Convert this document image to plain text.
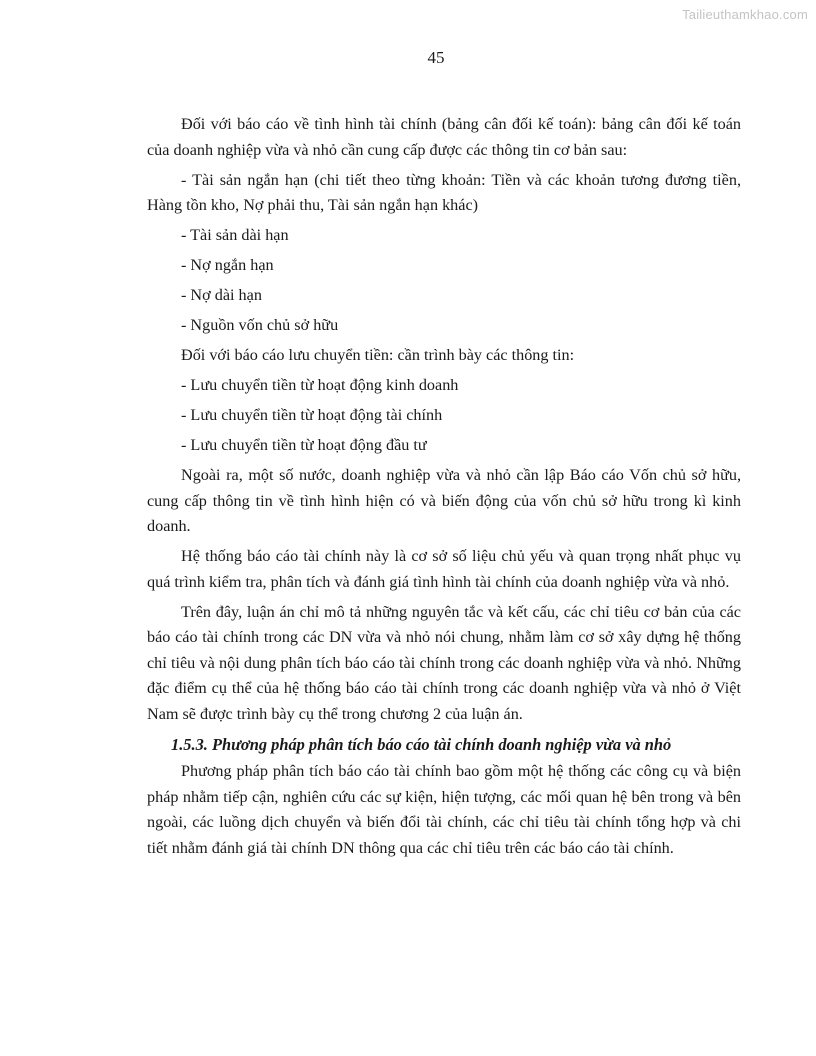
Tailieuthamkhao.com
45

Đối với báo cáo về tình hình tài chính (bảng cân đối kế toán): bảng cân đối kế toán của doanh nghiệp vừa và nhỏ cần cung cấp được các thông tin cơ bản sau:

- Tài sản ngắn hạn (chi tiết theo từng khoản: Tiền và các khoản tương đương tiền, Hàng tồn kho, Nợ phải thu, Tài sản ngắn hạn khác)

- Tài sản dài hạn

- Nợ ngắn hạn

- Nợ dài hạn

- Nguồn vốn chủ sở hữu

Đối với báo cáo lưu chuyển tiền: cần trình bày các thông tin:

- Lưu chuyển tiền từ hoạt động kinh doanh

- Lưu chuyển tiền từ hoạt động tài chính

- Lưu chuyển tiền từ hoạt động đầu tư

Ngoài ra, một số nước, doanh nghiệp vừa và nhỏ cần lập Báo cáo Vốn chủ sở hữu, cung cấp thông tin về tình hình hiện có và biến động của vốn chủ sở hữu trong kì kinh doanh.

Hệ thống báo cáo tài chính này là cơ sở số liệu chủ yếu và quan trọng nhất phục vụ quá trình kiểm tra, phân tích và đánh giá tình hình tài chính của doanh nghiệp vừa và nhỏ.

Trên đây, luận án chỉ mô tả những nguyên tắc và kết cấu, các chỉ tiêu cơ bản của các báo cáo tài chính trong các DN vừa và nhỏ nói chung, nhằm làm cơ sở xây dựng hệ thống chỉ tiêu và nội dung phân tích báo cáo tài chính trong các doanh nghiệp vừa và nhỏ. Những đặc điểm cụ thể của hệ thống báo cáo tài chính trong các doanh nghiệp vừa và nhỏ ở Việt Nam sẽ được trình bày cụ thể trong chương 2 của luận án.

1.5.3. Phương pháp phân tích báo cáo tài chính doanh nghiệp vừa và nhỏ

Phương pháp phân tích báo cáo tài chính bao gồm một hệ thống các công cụ và biện pháp nhằm tiếp cận, nghiên cứu các sự kiện, hiện tượng, các mối quan hệ bên trong và bên ngoài, các luồng dịch chuyển và biến đổi tài chính, các chỉ tiêu tài chính tổng hợp và chi tiết nhằm đánh giá tài chính DN thông qua các chỉ tiêu trên các báo cáo tài chính.
